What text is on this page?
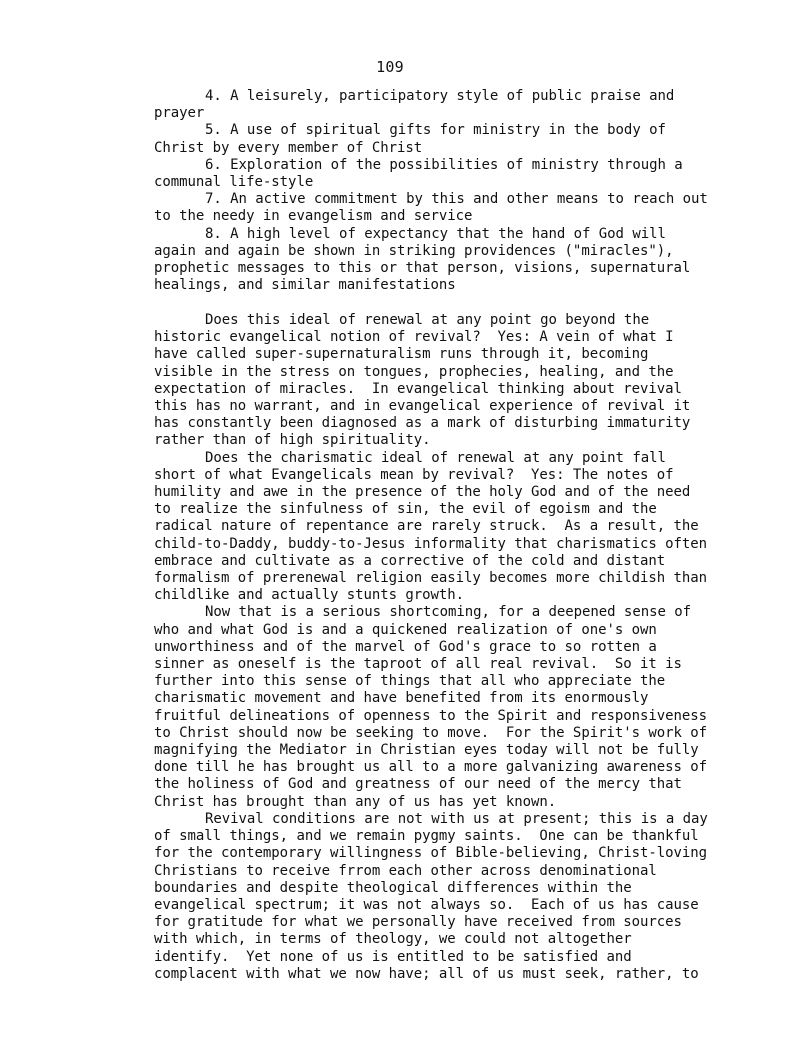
109
4. A leisurely, participatory style of public praise and
prayer
5. A use of spiritual gifts for ministry in the body of
Christ by every member of Christ
6. Exploration of the possibilities of ministry through a
communal life-style
7. An active commitment by this and other means to reach out
to the needy in evangelism and service
8. A high level of expectancy that the hand of God will
again and again be shown in striking providences ("miracles"),
prophetic messages to this or that person, visions, supernatural
healings, and similar manifestations
Does this ideal of renewal at any point go beyond the
historic evangelical notion of revival?  Yes: A vein of what I
have called super-supernaturalism runs through it, becoming
visible in the stress on tongues, prophecies, healing, and the
expectation of miracles.  In evangelical thinking about revival
this has no warrant, and in evangelical experience of revival it
has constantly been diagnosed as a mark of disturbing immaturity
rather than of high spirituality.
Does the charismatic ideal of renewal at any point fall
short of what Evangelicals mean by revival?  Yes: The notes of
humility and awe in the presence of the holy God and of the need
to realize the sinfulness of sin, the evil of egoism and the
radical nature of repentance are rarely struck.  As a result, the
child-to-Daddy, buddy-to-Jesus informality that charismatics often
embrace and cultivate as a corrective of the cold and distant
formalism of prerenewal religion easily becomes more childish than
childlike and actually stunts growth.
Now that is a serious shortcoming, for a deepened sense of
who and what God is and a quickened realization of one's own
unworthiness and of the marvel of God's grace to so rotten a
sinner as oneself is the taproot of all real revival.  So it is
further into this sense of things that all who appreciate the
charismatic movement and have benefited from its enormously
fruitful delineations of openness to the Spirit and responsiveness
to Christ should now be seeking to move.  For the Spirit's work of
magnifying the Mediator in Christian eyes today will not be fully
done till he has brought us all to a more galvanizing awareness of
the holiness of God and greatness of our need of the mercy that
Christ has brought than any of us has yet known.
Revival conditions are not with us at present; this is a day
of small things, and we remain pygmy saints.  One can be thankful
for the contemporary willingness of Bible-believing, Christ-loving
Christians to receive frrom each other across denominational
boundaries and despite theological differences within the
evangelical spectrum; it was not always so.  Each of us has cause
for gratitude for what we personally have received from sources
with which, in terms of theology, we could not altogether
identify.  Yet none of us is entitled to be satisfied and
complacent with what we now have; all of us must seek, rather, to
